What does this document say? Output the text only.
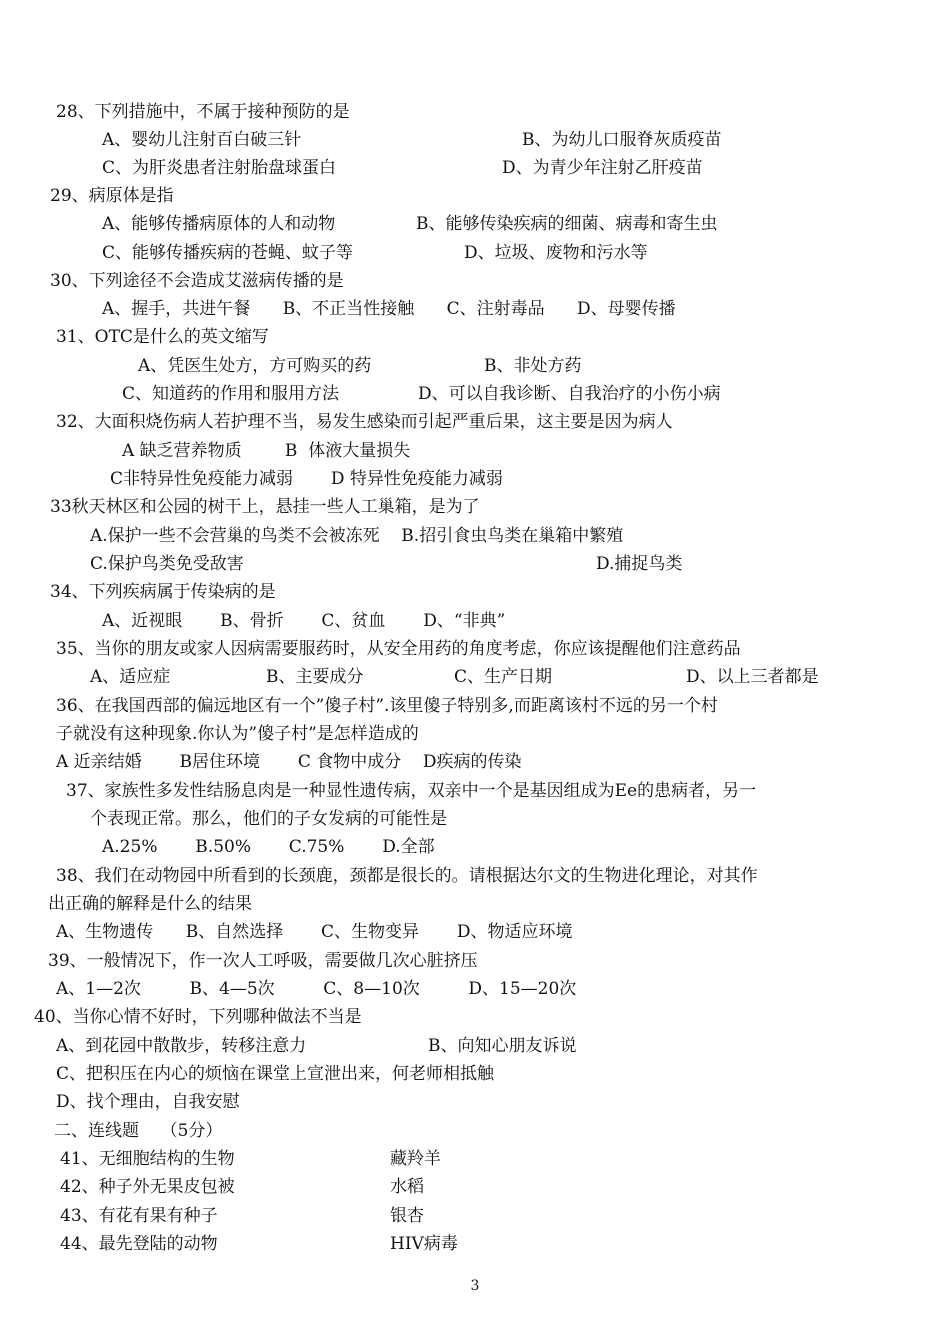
28、下列措施中，不属于接种预防的是
A、婴幼儿注射百白破三针	B、为幼儿口服脊灰质疫苗
C、为肝炎患者注射胎盘球蛋白	D、为青少年注射乙肝疫苗
29、病原体是指
A、能够传播病原体的人和动物	B、能够传染疾病的细菌、病毒和寄生虫
C、能够传播疾病的苍蝇、蚊子等	D、垃圾、废物和污水等
30、下列途径不会造成艾滋病传播的是
A、握手，共进午餐      B、不正当性接触      C、注射毒品      D、母婴传播
31、OTC是什么的英文缩写
A、凭医生处方，方可购买的药	B、非处方药
C、知道药的作用和服用方法	D、可以自我诊断、自我治疗的小伤小病
32、大面积烧伤病人若护理不当，易发生感染而引起严重后果，这主要是因为病人
A 缺乏营养物质        B  体液大量损失
C非特异性免疫能力减弱       D 特异性免疫能力减弱
33秋天林区和公园的树干上，悬挂一些人工巢箱，是为了
A.保护一些不会营巢的鸟类不会被冻死    B.招引食虫鸟类在巢箱中繁殖
C.保护鸟类免受敌害	D.捕捉鸟类
34、下列疾病属于传染病的是
A、近视眼       B、骨折       C、贫血       D、“非典”
35、当你的朋友或家人因病需要服药时，从安全用药的角度考虑，你应该提醒他们注意药品
A、适应症	B、主要成分	C、生产日期	D、以上三者都是
36、在我国西部的偏远地区有一个”傻子村”.该里傻子特别多,而距离该村不远的另一个村
子就没有这种现象.你认为”傻子村”是怎样造成的
A 近亲结婚       B居住环境       C 食物中成分    D疾病的传染
37、家族性多发性结肠息肉是一种显性遗传病，双亲中一个是基因组成为Ee的患病者，另一
个表现正常。那么，他们的子女发病的可能性是
A.25%       B.50%       C.75%       D.全部
38、我们在动物园中所看到的长颈鹿，颈都是很长的。请根据达尔文的生物进化理论，对其作
出正确的解释是什么的结果
A、生物遗传      B、自然选择       C、生物变异       D、物适应环境
39、一般情况下，作一次人工呼吸，需要做几次心脏挤压
A、1—2次         B、4—5次         C、8—10次         D、15—20次
40、当你心情不好时，下列哪种做法不当是
A、到花园中散散步，转移注意力	B、向知心朋友诉说
C、把积压在内心的烦恼在课堂上宣泄出来，何老师相抵触
D、找个理由，自我安慰
二、连线题    （5分）
41、无细胞结构的生物	藏羚羊
42、种子外无果皮包被	水稻
43、有花有果有种子	银杏
44、最先登陆的动物	HIV病毒
3
